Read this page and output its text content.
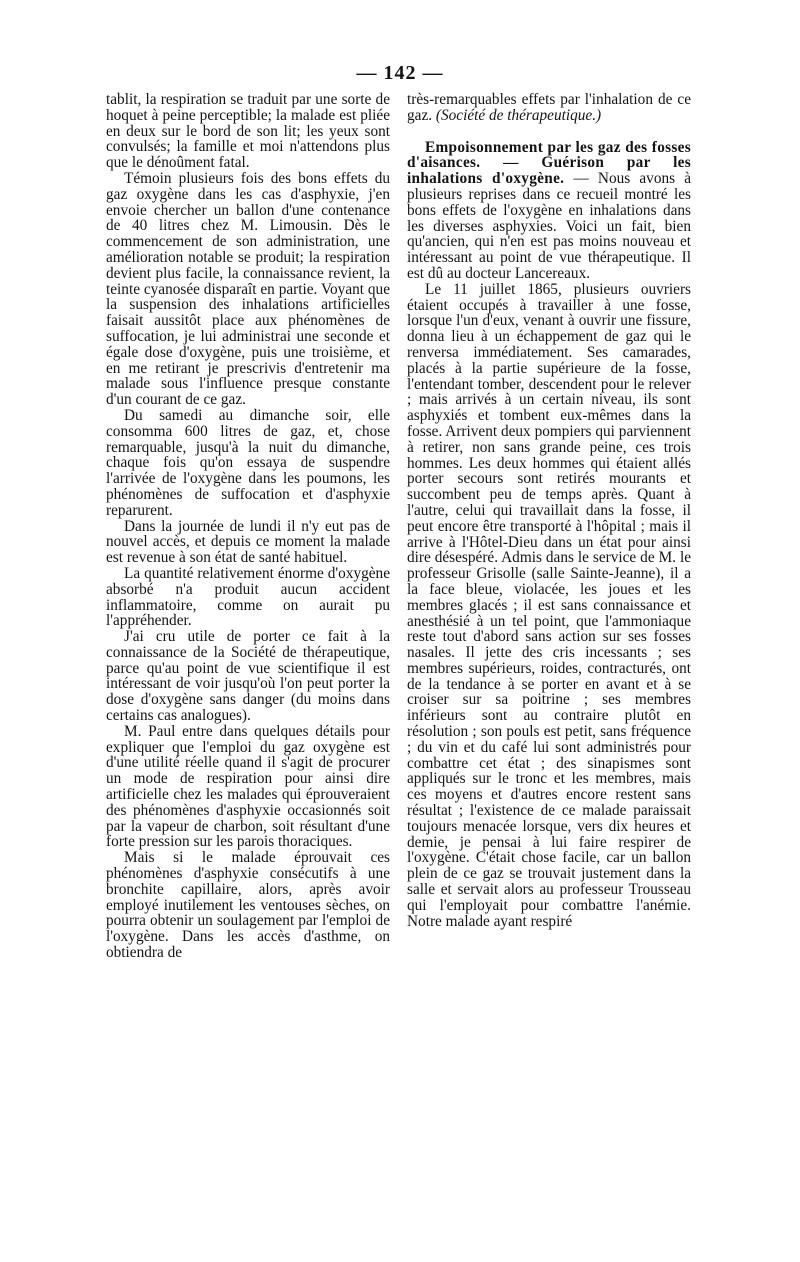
— 142 —

tablit, la respiration se traduit par une sorte de hoquet à peine perceptible; la malade est pliée en deux sur le bord de son lit; les yeux sont convulsés; la famille et moi n'attendons plus que le dénoûment fatal.

Témoin plusieurs fois des bons effets du gaz oxygène dans les cas d'asphyxie, j'en envoie chercher un ballon d'une contenance de 40 litres chez M. Limousin. Dès le commencement de son administration, une amélioration notable se produit; la respiration devient plus facile, la connaissance revient, la teinte cyanosée disparaît en partie. Voyant que la suspension des inhalations artificielles faisait aussitôt place aux phénomènes de suffocation, je lui administrai une seconde et égale dose d'oxygène, puis une troisième, et en me retirant je prescrivis d'entretenir ma malade sous l'influence presque constante d'un courant de ce gaz.

Du samedi au dimanche soir, elle consomma 600 litres de gaz, et, chose remarquable, jusqu'à la nuit du dimanche, chaque fois qu'on essaya de suspendre l'arrivée de l'oxygène dans les poumons, les phénomènes de suffocation et d'asphyxie reparurent.

Dans la journée de lundi il n'y eut pas de nouvel accès, et depuis ce moment la malade est revenue à son état de santé habituel.

La quantité relativement énorme d'oxygène absorbé n'a produit aucun accident inflammatoire, comme on aurait pu l'appréhender.

J'ai cru utile de porter ce fait à la connaissance de la Société de thérapeutique, parce qu'au point de vue scientifique il est intéressant de voir jusqu'où l'on peut porter la dose d'oxygène sans danger (du moins dans certains cas analogues).

M. Paul entre dans quelques détails pour expliquer que l'emploi du gaz oxygène est d'une utilité réelle quand il s'agit de procurer un mode de respiration pour ainsi dire artificielle chez les malades qui éprouveraient des phénomènes d'asphyxie occasionnés soit par la vapeur de charbon, soit résultant d'une forte pression sur les parois thoraciques.

Mais si le malade éprouvait ces phénomènes d'asphyxie consécutifs à une bronchite capillaire, alors, après avoir employé inutilement les ventouses sèches, on pourra obtenir un soulagement par l'emploi de l'oxygène. Dans les accès d'asthme, on obtiendra de

très-remarquables effets par l'inhalation de ce gaz. (Société de thérapeutique.)

Empoisonnement par les gaz des fosses d'aisances. — Guérison par les inhalations d'oxygène. — Nous avons à plusieurs reprises dans ce recueil montré les bons effets de l'oxygène en inhalations dans les diverses asphyxies. Voici un fait, bien qu'ancien, qui n'en est pas moins nouveau et intéressant au point de vue thérapeutique. Il est dû au docteur Lancereaux.

Le 11 juillet 1865, plusieurs ouvriers étaient occupés à travailler à une fosse, lorsque l'un d'eux, venant à ouvrir une fissure, donna lieu à un échappement de gaz qui le renversa immédiatement. Ses camarades, placés à la partie supérieure de la fosse, l'entendant tomber, descendent pour le relever ; mais arrivés à un certain niveau, ils sont asphyxiés et tombent eux-mêmes dans la fosse. Arrivent deux pompiers qui parviennent à retirer, non sans grande peine, ces trois hommes. Les deux hommes qui étaient allés porter secours sont retirés mourants et succombent peu de temps après. Quant à l'autre, celui qui travaillait dans la fosse, il peut encore être transporté à l'hôpital ; mais il arrive à l'Hôtel-Dieu dans un état pour ainsi dire désespéré. Admis dans le service de M. le professeur Grisolle (salle Sainte-Jeanne), il a la face bleue, violacée, les joues et les membres glacés ; il est sans connaissance et anesthésié à un tel point, que l'ammoniaque reste tout d'abord sans action sur ses fosses nasales. Il jette des cris incessants ; ses membres supérieurs, roides, contracturés, ont de la tendance à se porter en avant et à se croiser sur sa poitrine ; ses membres inférieurs sont au contraire plutôt en résolution ; son pouls est petit, sans fréquence ; du vin et du café lui sont administrés pour combattre cet état ; des sinapismes sont appliqués sur le tronc et les membres, mais ces moyens et d'autres encore restent sans résultat ; l'existence de ce malade paraissait toujours menacée lorsque, vers dix heures et demie, je pensai à lui faire respirer de l'oxygène. C'était chose facile, car un ballon plein de ce gaz se trouvait justement dans la salle et servait alors au professeur Trousseau qui l'employait pour combattre l'anémie. Notre malade ayant respiré
